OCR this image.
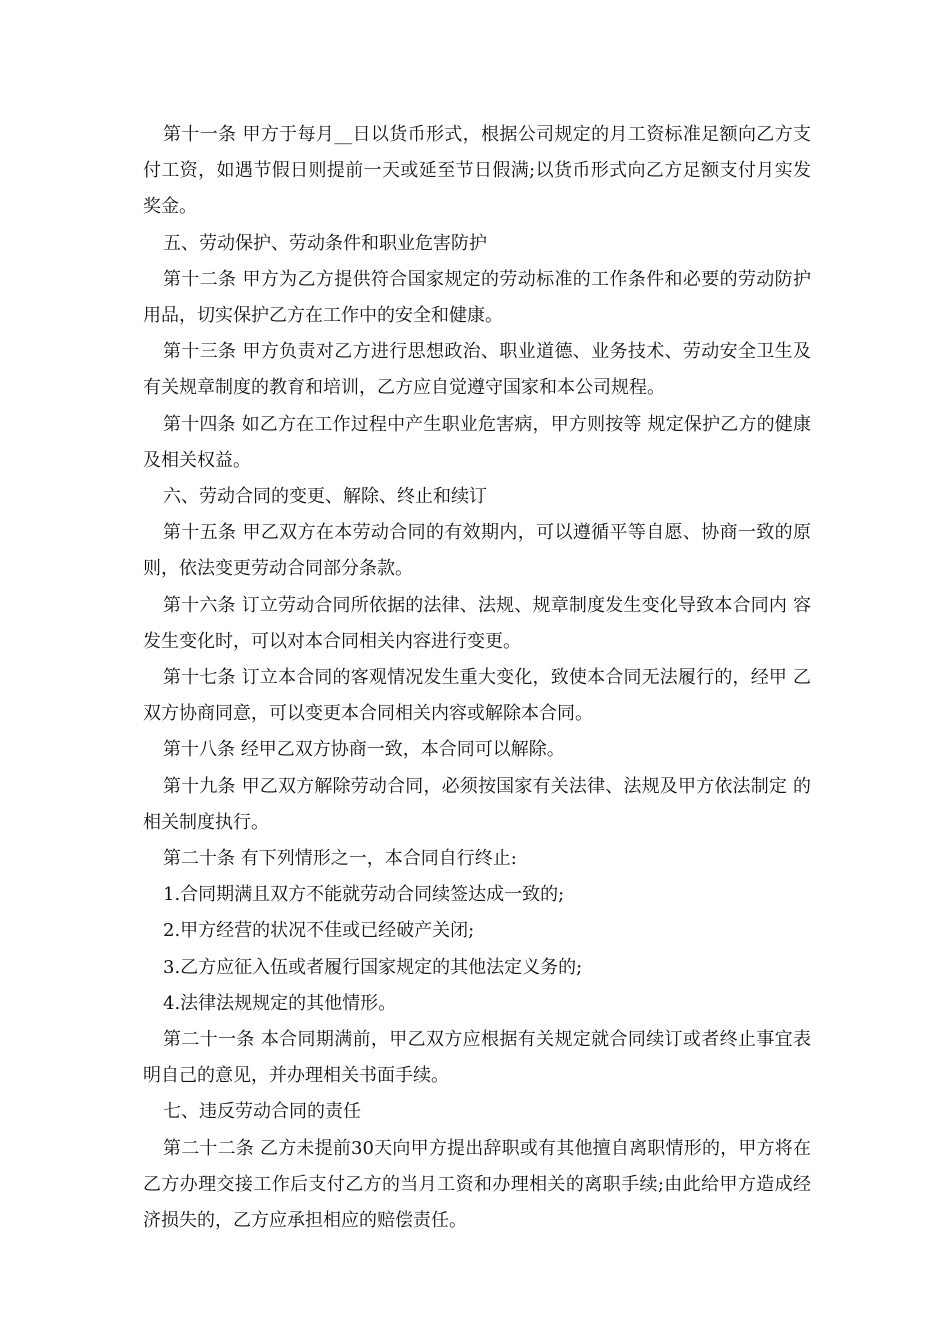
第十一条 甲方于每月__日以货币形式，根据公司规定的月工资标准足额向乙方支付工资，如遇节假日则提前一天或延至节日假满;以货币形式向乙方足额支付月实发奖金。

五、劳动保护、劳动条件和职业危害防护

第十二条 甲方为乙方提供符合国家规定的劳动标准的工作条件和必要的劳动防护用品，切实保护乙方在工作中的安全和健康。

第十三条 甲方负责对乙方进行思想政治、职业道德、业务技术、劳动安全卫生及 有关规章制度的教育和培训，乙方应自觉遵守国家和本公司规程。

第十四条 如乙方在工作过程中产生职业危害病，甲方则按等 规定保护乙方的健康及相关权益。

六、劳动合同的变更、解除、终止和续订

第十五条 甲乙双方在本劳动合同的有效期内，可以遵循平等自愿、协商一致的原则，依法变更劳动合同部分条款。

第十六条 订立劳动合同所依据的法律、法规、规章制度发生变化导致本合同内 容发生变化时，可以对本合同相关内容进行变更。

第十七条 订立本合同的客观情况发生重大变化，致使本合同无法履行的，经甲 乙双方协商同意，可以变更本合同相关内容或解除本合同。

第十八条 经甲乙双方协商一致，本合同可以解除。

第十九条 甲乙双方解除劳动合同，必须按国家有关法律、法规及甲方依法制定 的相关制度执行。

第二十条 有下列情形之一，本合同自行终止:

1.合同期满且双方不能就劳动合同续签达成一致的;

2.甲方经营的状况不佳或已经破产关闭;

3.乙方应征入伍或者履行国家规定的其他法定义务的;

4.法律法规规定的其他情形。

第二十一条 本合同期满前，甲乙双方应根据有关规定就合同续订或者终止事宜表 明自己的意见，并办理相关书面手续。

七、违反劳动合同的责任

第二十二条 乙方未提前30天向甲方提出辞职或有其他擅自离职情形的，甲方将在乙方办理交接工作后支付乙方的当月工资和办理相关的离职手续;由此给甲方造成经济损失的，乙方应承担相应的赔偿责任。
